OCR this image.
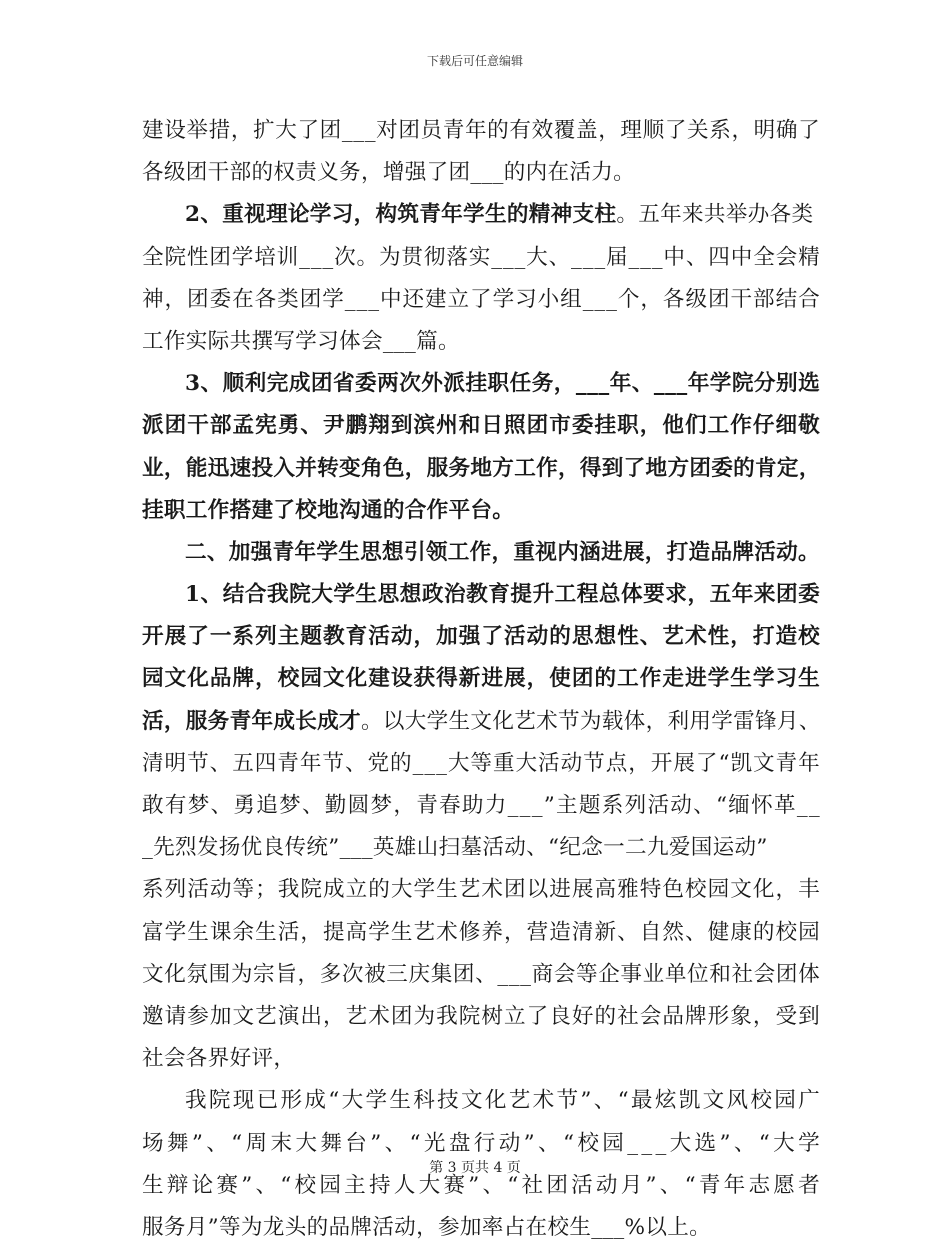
下载后可任意编辑
建设举措，扩大了团___对团员青年的有效覆盖，理顺了关系，明确了
各级团干部的权责义务，增强了团___的内在活力。
2、重视理论学习，构筑青年学生的精神支柱。五年来共举办各类
全院性团学培训___次。为贯彻落实___大、___届___中、四中全会精
神，团委在各类团学___中还建立了学习小组___个，各级团干部结合
工作实际共撰写学习体会___篇。
3、顺利完成团省委两次外派挂职任务，___年、___年学院分别选
派团干部孟宪勇、尹鹏翔到滨州和日照团市委挂职，他们工作仔细敬
业，能迅速投入并转变角色，服务地方工作，得到了地方团委的肯定，
挂职工作搭建了校地沟通的合作平台。
二、加强青年学生思想引领工作，重视内涵进展，打造品牌活动。
1、结合我院大学生思想政治教育提升工程总体要求，五年来团委
开展了一系列主题教育活动，加强了活动的思想性、艺术性，打造校
园文化品牌，校园文化建设获得新进展，使团的工作走进学生学习生
活，服务青年成长成才。以大学生文化艺术节为载体，利用学雷锋月、
清明节、五四青年节、党的___大等重大活动节点，开展了“凯文青年
敢有梦、勇追梦、勤圆梦，青春助力___”主题系列活动、“缅怀革__
_先烈发扬优良传统”___英雄山扫墓活动、“纪念一二九爱国运动”
系列活动等；我院成立的大学生艺术团以进展高雅特色校园文化，丰
富学生课余生活，提高学生艺术修养，营造清新、自然、健康的校园
文化氛围为宗旨，多次被三庆集团、___商会等企事业单位和社会团体
邀请参加文艺演出，艺术团为我院树立了良好的社会品牌形象，受到
社会各界好评，
我院现已形成“大学生科技文化艺术节”、“最炫凯文风校园广
场舞”、“周末大舞台”、“光盘行动”、“校园___大选”、“大学
生辩论赛”、“校园主持人大赛”、“社团活动月”、“青年志愿者
服务月”等为龙头的品牌活动，参加率占在校生___%以上。
第 3 页共 4 页
